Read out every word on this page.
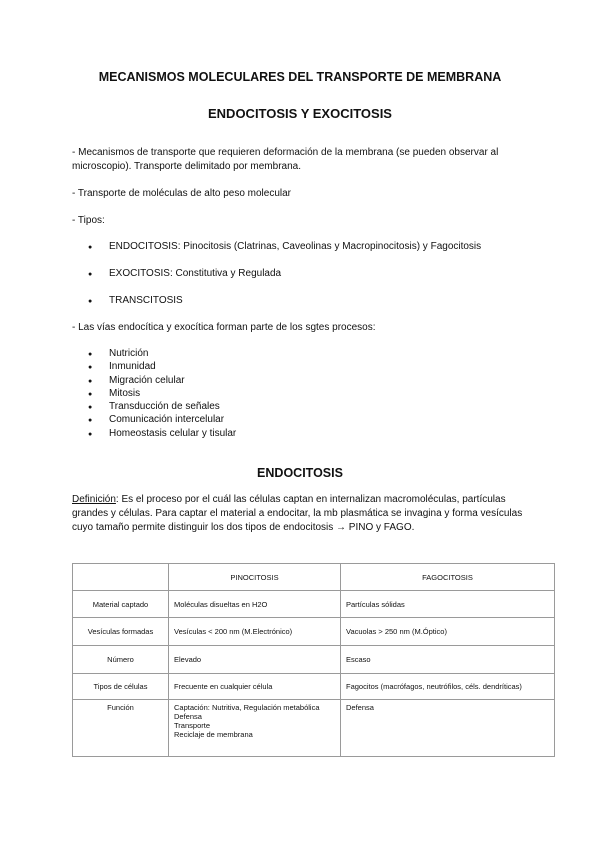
MECANISMOS MOLECULARES DEL TRANSPORTE DE MEMBRANA
ENDOCITOSIS Y EXOCITOSIS

- Mecanismos de transporte que requieren deformación de la membrana (se pueden observar al microscopio). Transporte delimitado por membrana.

- Transporte de moléculas de alto peso molecular

- Tipos:

● ENDOCITOSIS: Pinocitosis (Clatrinas, Caveolinas y Macropinocitosis) y Fagocitosis
● EXOCITOSIS: Constitutiva y Regulada
● TRANSCITOSIS

- Las vías endocítica y exocítica forman parte de los sgtes procesos:

● Nutrición
● Inmunidad
● Migración celular
● Mitosis
● Transducción de señales
● Comunicación intercelular
● Homeostasis celular y tisular
ENDOCITOSIS

Definición: Es el proceso por el cuál las células captan en internalizan macromoléculas, partículas grandes y células. Para captar el material a endocitar, la mb plasmática se invagina y forma vesículas cuyo tamaño permite distinguir los dos tipos de endocitosis → PINO y FAGO.

	PINOCITOSIS	FAGOCITOSIS
Material captado	Moléculas disueltas en H2O	Partículas sólidas
Vesículas formadas	Vesículas < 200 nm (M.Electrónico)	Vacuolas > 250 nm (M.Óptico)
Número	Elevado	Escaso
Tipos de células	Frecuente en cualquier célula	Fagocitos (macrófagos, neutrófilos, céls. dendríticas)
Función	Captación: Nutritiva, Regulación metabólica
Defensa
Transporte
Reciclaje de membrana	Defensa
